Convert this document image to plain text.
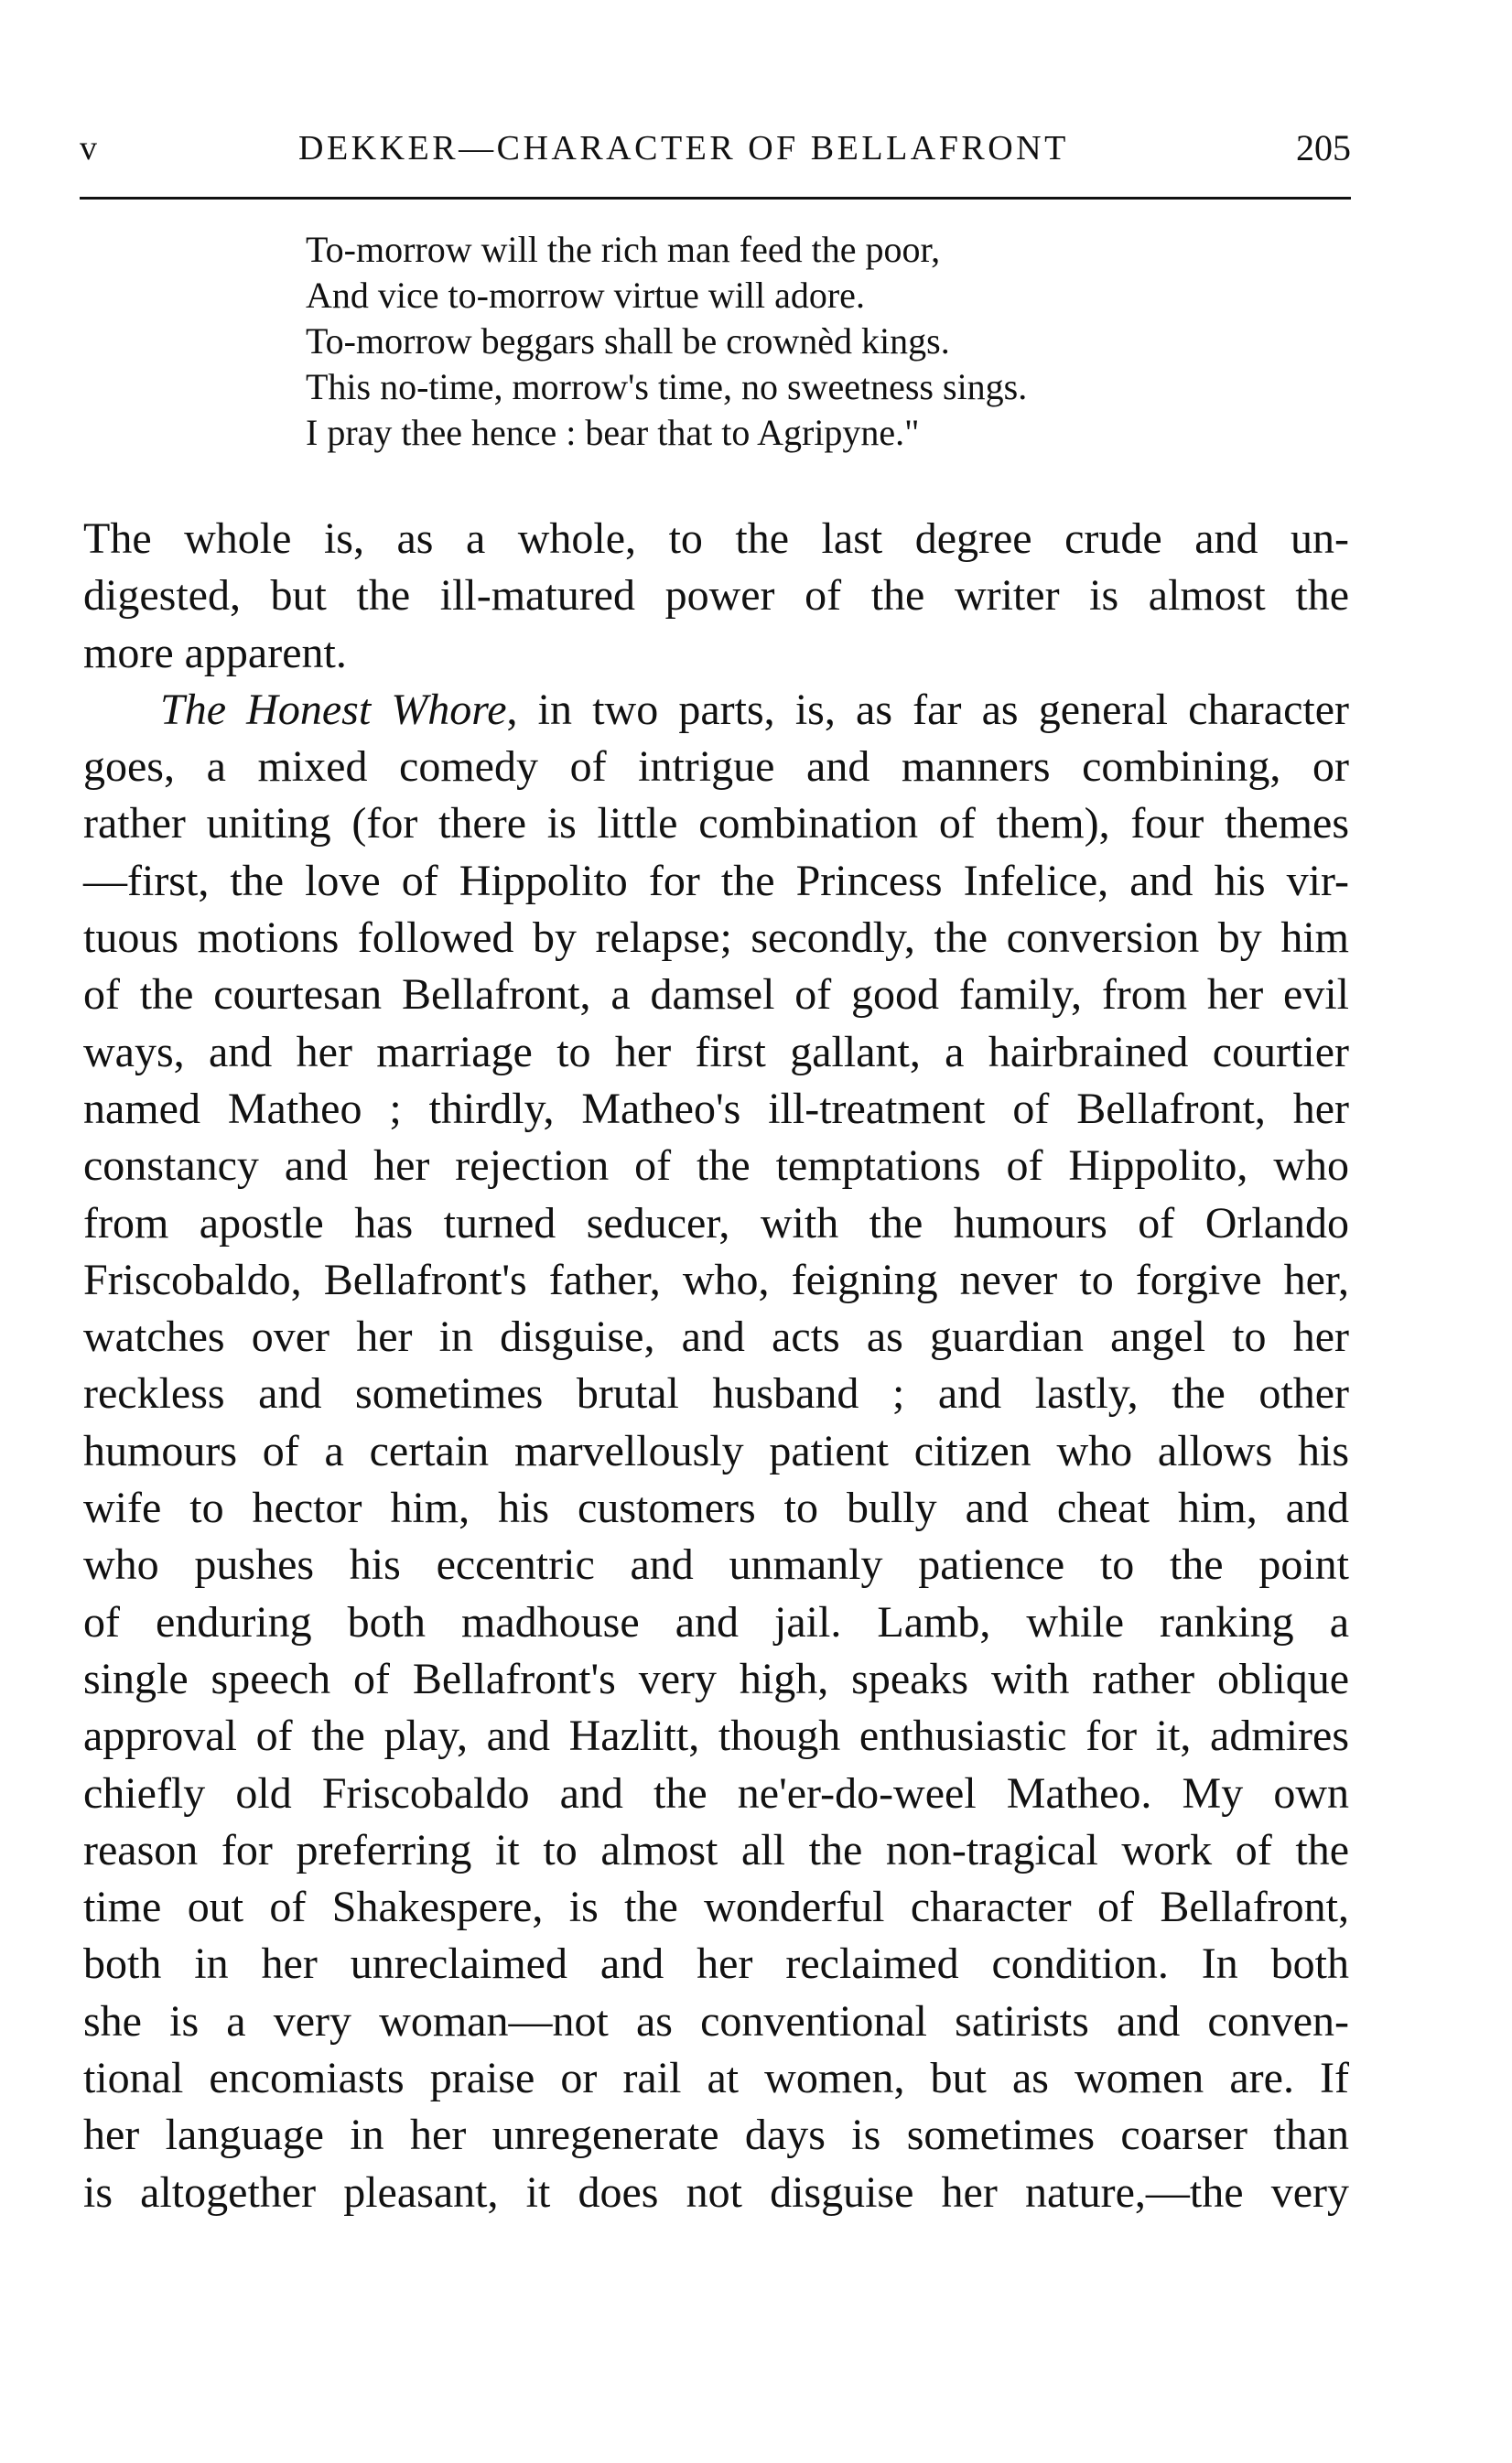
v	DEKKER—CHARACTER OF BELLAFRONT	205
To-morrow will the rich man feed the poor,
And vice to-morrow virtue will adore.
To-morrow beggars shall be crownèd kings.
This no-time, morrow's time, no sweetness sings.
I pray thee hence : bear that to Agripyne."
The whole is, as a whole, to the last degree crude and un-
digested, but the ill-matured power of the writer is almost the
more apparent.
The Honest Whore, in two parts, is, as far as general character
goes, a mixed comedy of intrigue and manners combining, or
rather uniting (for there is little combination of them), four themes
—first, the love of Hippolito for the Princess Infelice, and his vir-
tuous motions followed by relapse; secondly, the conversion by him
of the courtesan Bellafront, a damsel of good family, from her evil
ways, and her marriage to her first gallant, a hairbrained courtier
named Matheo ; thirdly, Matheo's ill-treatment of Bellafront, her
constancy and her rejection of the temptations of Hippolito, who
from apostle has turned seducer, with the humours of Orlando
Friscobaldo, Bellafront's father, who, feigning never to forgive her,
watches over her in disguise, and acts as guardian angel to her
reckless and sometimes brutal husband ; and lastly, the other
humours of a certain marvellously patient citizen who allows his
wife to hector him, his customers to bully and cheat him, and
who pushes his eccentric and unmanly patience to the point
of enduring both madhouse and jail. Lamb, while ranking a
single speech of Bellafront's very high, speaks with rather oblique
approval of the play, and Hazlitt, though enthusiastic for it, admires
chiefly old Friscobaldo and the ne'er-do-weel Matheo. My own
reason for preferring it to almost all the non-tragical work of the
time out of Shakespere, is the wonderful character of Bellafront,
both in her unreclaimed and her reclaimed condition. In both
she is a very woman—not as conventional satirists and conven-
tional encomiasts praise or rail at women, but as women are. If
her language in her unregenerate days is sometimes coarser than
is altogether pleasant, it does not disguise her nature,—the very
